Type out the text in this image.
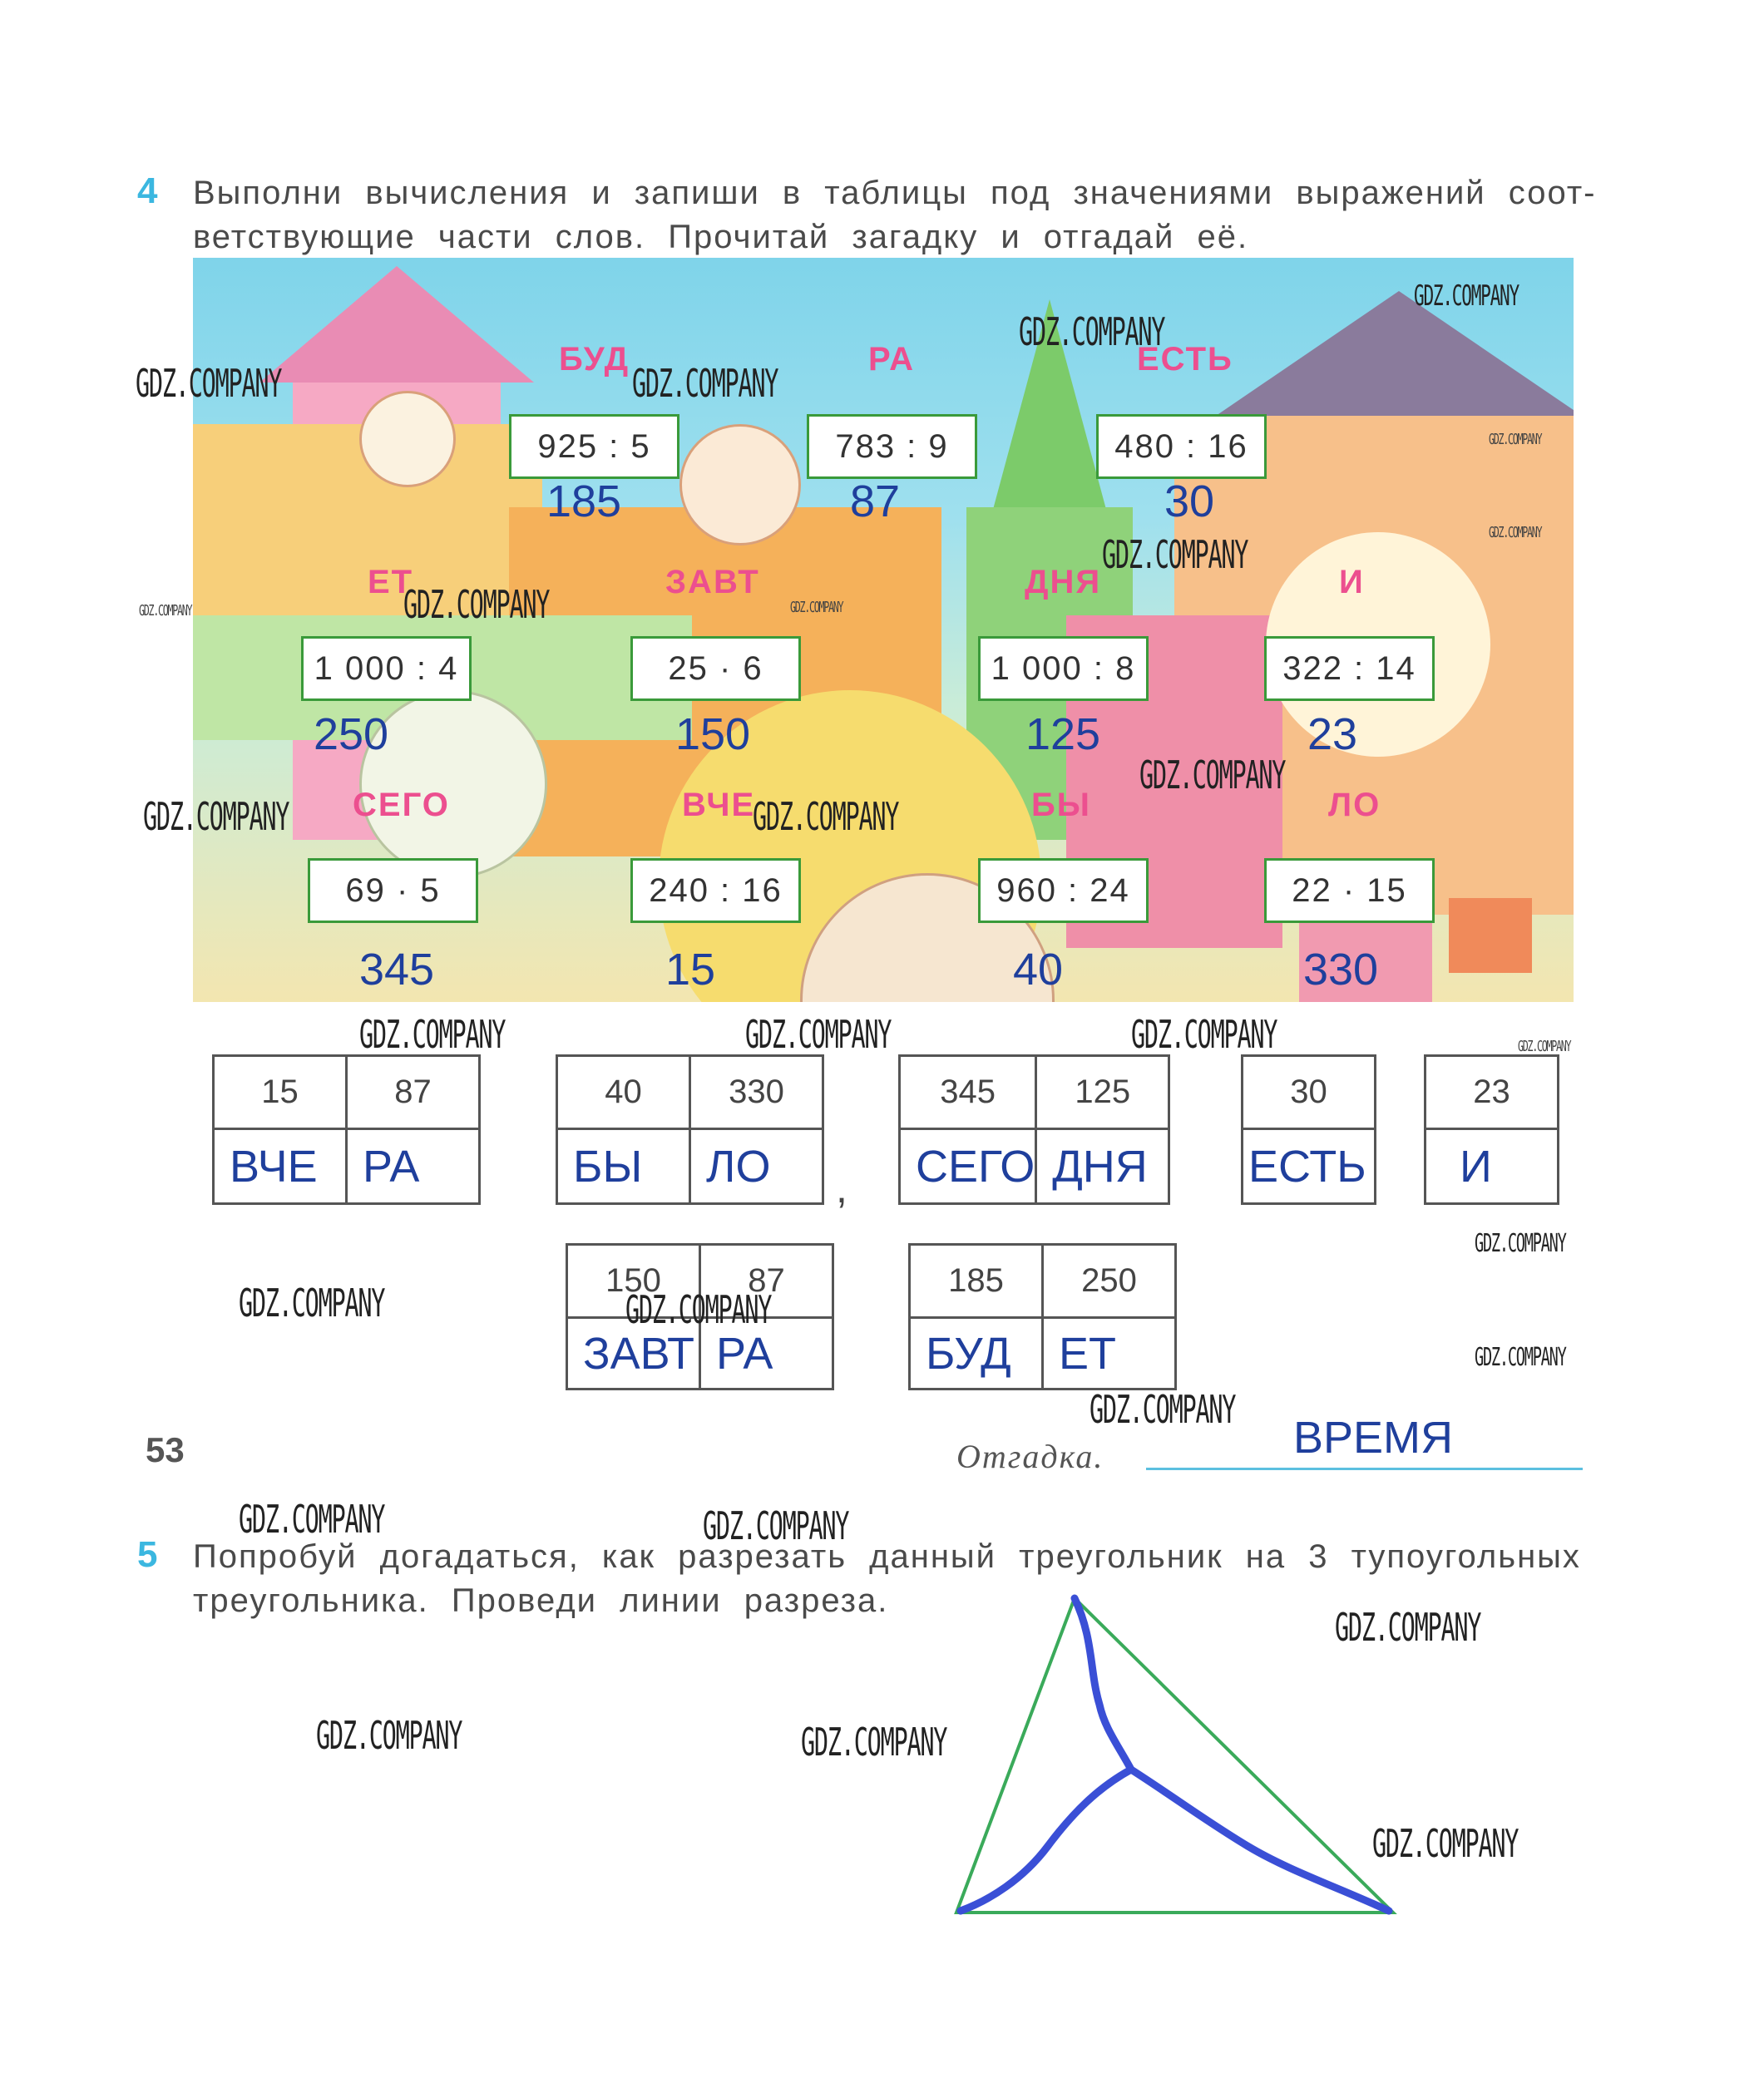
4 Выполни вычисления и запиши в таблицы под значениями выражений соот-
ветствующие части слов. Прочитай загадку и отгадай её.
БУД
925 : 5
185
РА
783 : 9
87
ЕСТЬ
480 : 16
30
ЕТ
1 000 : 4
250
ЗАВТ
25 · 6
150
ДНЯ
1 000 : 8
125
И
322 : 14
23
СЕГО
69 · 5
345
ВЧЕ
240 : 16
15
БЫ
960 : 24
40
ЛО
22 · 15
330
15	87
ВЧЕ	РА
40	330
БЫ	ЛО ,
345	125
СЕГО	ДНЯ
30
ЕСТЬ
23
И
150	87
ЗАВТ	РА
185	250
БУД	ЕТ
53	Отгадка.	ВРЕМЯ
5 Попробуй догадаться, как разрезать данный треугольник на 3 тупоугольных
треугольника. Проведи линии разреза.
GDZ.COMPANY	GDZ.COMPANY
GDZ.COMPANY
GDZ.COMPANY
GDZ.COMPANY
GDZ.COMPANY
GDZ.COMPANY	GDZ.COMPANY
GDZ.COMPANY
GDZ.COMPANY	GDZ.COMPANY	GDZ.COMPANY
GDZ.COMPANY	GDZ.COMPANY
GDZ.COMPANY
GDZ.COMPANY
GDZ.COMPANY
GDZ.COMPANY	GDZ.COMPANY
GDZ.COMPANY
GDZ.COMPANY	GDZ.COMPANY
GDZ.COMPANY
GDZ.COMPANY	GDZ.COMPANY
GDZ.COMPANY
GDZ.COMPANY
GDZ.COMPANY
